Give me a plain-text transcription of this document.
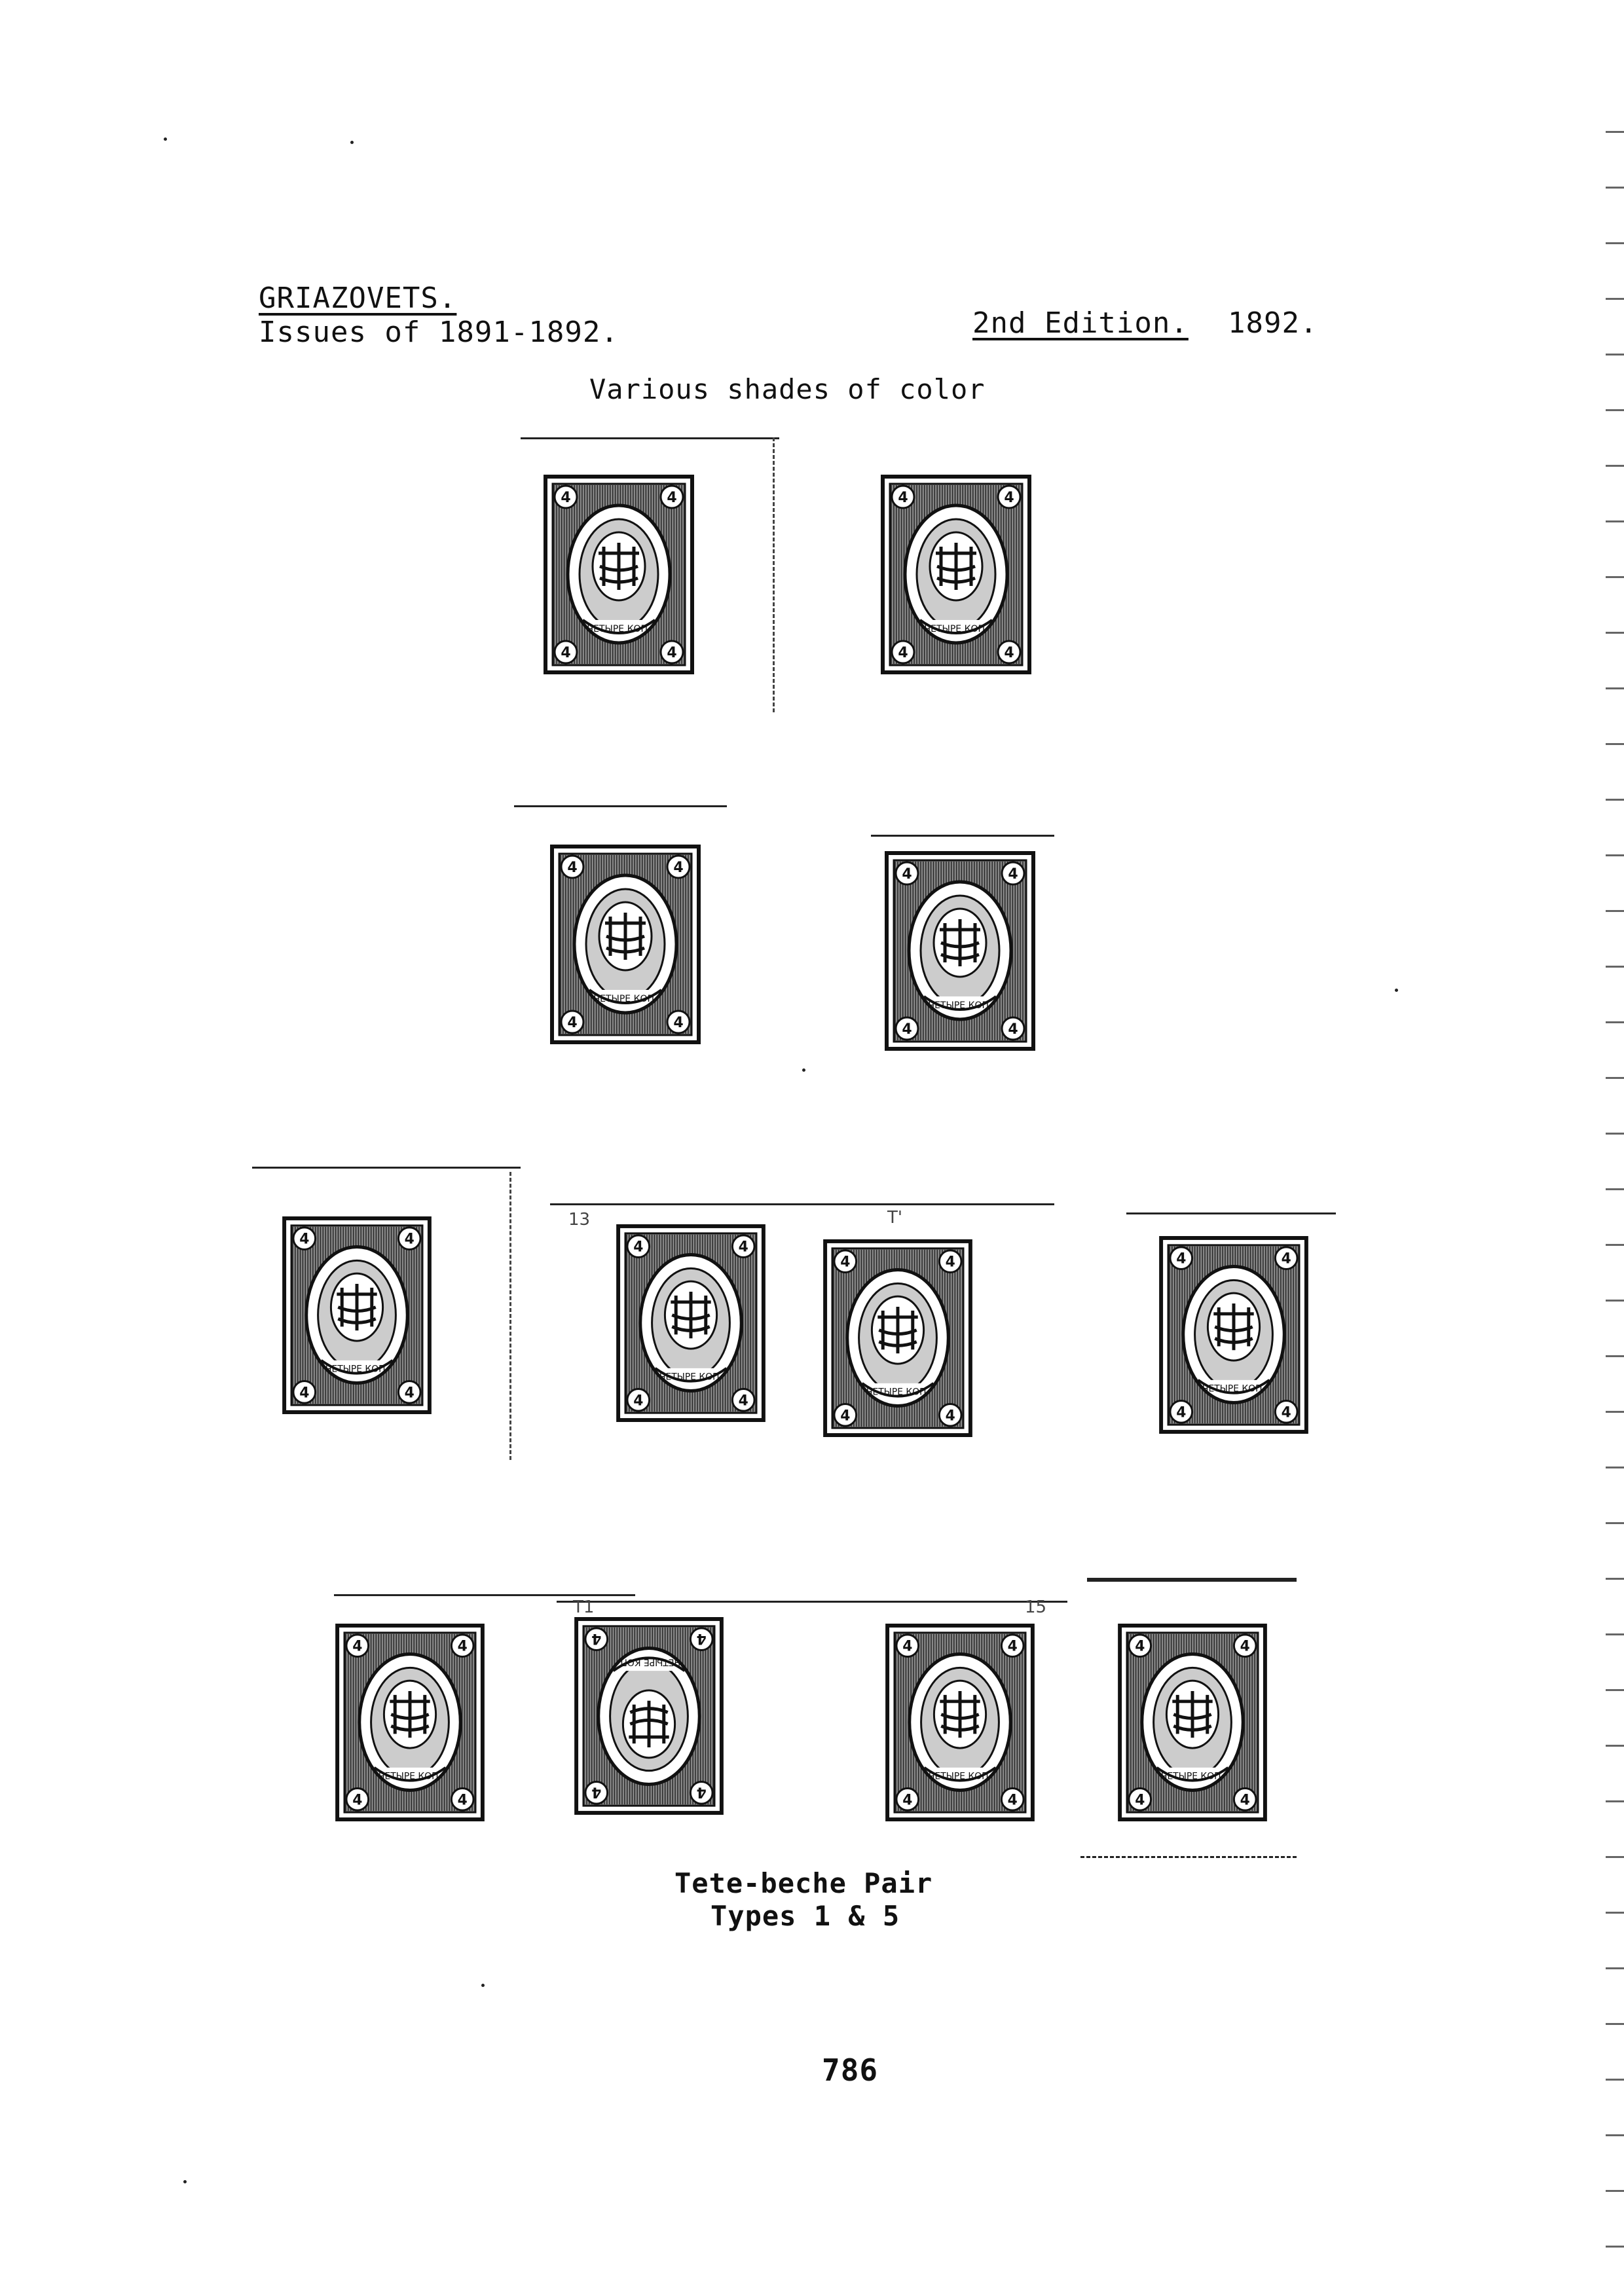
GRIAZOVETS.
Issues of 1891-1892.	2nd Edition. 1892.
Various shades of color
13	T'
T1	15
ЧЕТЫРЕ КОП.
4	4
4	4
ЧЕТЫРЕ КОП.
4	4
4	4
ЧЕТЫРЕ КОП.
4	4
4	4
ЧЕТЫРЕ КОП.
4	4
4	4
ЧЕТЫРЕ КОП.
4	4
4	4
ЧЕТЫРЕ КОП.
4	4
4	4
ЧЕТЫРЕ КОП.
4	4
4	4
ЧЕТЫРЕ КОП.
4	4
4	4
ЧЕТЫРЕ КОП.
4	4
4	4
ЧЕТЫРЕ КОП.
4
4
4
4
ЧЕТЫРЕ КОП.
4	4
4	4
ЧЕТЫРЕ КОП.
4	4
4	4
Tete-beche Pair
Types 1 & 5
786
